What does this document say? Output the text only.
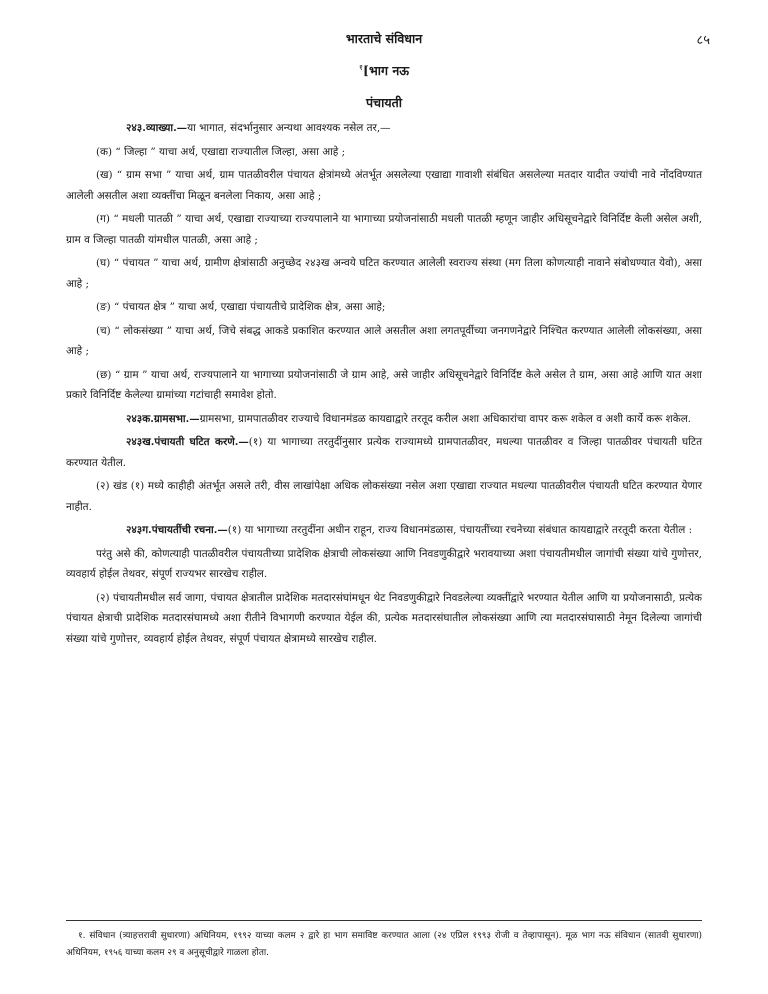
भारताचे संविधान	८५
$^१$[भाग नऊ
पंचायती

२४३.व्याख्या.—या भागात, संदर्भानुसार अन्यथा आवश्यक नसेल तर,—

(क) “ जिल्हा ” याचा अर्थ, एखाद्या राज्यातील जिल्हा, असा आहे ;

(ख) “ ग्राम सभा ” याचा अर्थ, ग्राम पातळीवरील पंचायत क्षेत्रांमध्ये अंतर्भूत असलेल्या एखाद्या गावाशी संबंधित असलेल्या मतदार यादीत ज्यांची नावे नोंदविण्यात आलेली असतील अशा व्यक्तींचा मिळून बनलेला निकाय, असा आहे ;

(ग) “ मधली पातळी ” याचा अर्थ, एखाद्या राज्याच्या राज्यपालाने या भागाच्या प्रयोजनांसाठी मधली पातळी म्हणून जाहीर अधिसूचनेद्वारे विनिर्दिष्ट केली असेल अशी, ग्राम व जिल्हा पातळी यांमधील पातळी, असा आहे ;

(घ) “ पंचायत ” याचा अर्थ, ग्रामीण क्षेत्रांसाठी अनुच्छेद २४३ख अन्वये घटित करण्यात आलेली स्वराज्य संस्था (मग तिला कोणत्याही नावाने संबोधण्यात येवो), असा आहे ;

(ङ) “ पंचायत क्षेत्र ” याचा अर्थ, एखाद्या पंचायतीचे प्रादेशिक क्षेत्र, असा आहे;

(च) “ लोकसंख्या ” याचा अर्थ, जिचे संबद्ध आकडे प्रकाशित करण्यात आले असतील अशा लगतपूर्वीच्या जनगणनेद्वारे निश्चित करण्यात आलेली लोकसंख्या, असा आहे ;

(छ) “ ग्राम ” याचा अर्थ, राज्यपालाने या भागाच्या प्रयोजनांसाठी जे ग्राम आहे, असे जाहीर अधिसूचनेद्वारे विनिर्दिष्ट केले असेल ते ग्राम, असा आहे आणि यात अशा प्रकारे विनिर्दिष्ट केलेल्या ग्रामांच्या गटांचाही समावेश होतो.

२४३क.ग्रामसभा.—ग्रामसभा, ग्रामपातळीवर राज्याचे विधानमंडळ कायद्याद्वारे तरतूद करील अशा अधिकारांचा वापर करू शकेल व अशी कार्ये करू शकेल.

२४३ख.पंचायती घटित करणे.—(१) या भागाच्या तरतुदींनुसार प्रत्येक राज्यामध्ये ग्रामपातळीवर, मधल्या पातळीवर व जिल्हा पातळीवर पंचायती घटित करण्यात येतील.

(२) खंड (१) मध्ये काहीही अंतर्भूत असले तरी, वीस लाखांपेक्षा अधिक लोकसंख्या नसेल अशा एखाद्या राज्यात मधल्या पातळीवरील पंचायती घटित करण्यात येणार नाहीत.

२४३ग.पंचायतींची रचना.—(१) या भागाच्या तरतुदींना अधीन राहून, राज्य विधानमंडळास, पंचायतींच्या रचनेच्या संबंधात कायद्याद्वारे तरतूदी करता येतील :

परंतु असे की, कोणत्याही पातळीवरील पंचायतीच्या प्रादेशिक क्षेत्राची लोकसंख्या आणि निवडणुकीद्वारे भरावयाच्या अशा पंचायतीमधील जागांची संख्या यांचे गुणोत्तर, व्यवहार्य होईल तेथवर, संपूर्ण राज्यभर सारखेच राहील.

(२) पंचायतीमधील सर्व जागा, पंचायत क्षेत्रातील प्रादेशिक मतदारसंघांमधून थेट निवडणुकीद्वारे निवडलेल्या व्यक्तींद्वारे भरण्यात येतील आणि या प्रयोजनासाठी, प्रत्येक पंचायत क्षेत्राची प्रादेशिक मतदारसंघामध्ये अशा रीतीने विभागणी करण्यात येईल की, प्रत्येक मतदारसंघातील लोकसंख्या आणि त्या मतदारसंघासाठी नेमून दिलेल्या जागांची संख्या यांचे गुणोत्तर, व्यवहार्य होईल तेथवर, संपूर्ण पंचायत क्षेत्रामध्ये सारखेच राहील.

१. संविधान (त्र्याहत्तरावी सुधारणा) अधिनियम, १९९२ याच्या कलम २ द्वारे हा भाग समाविष्ट करण्यात आला (२४ एप्रिल १९९३ रोजी व तेव्हापासून). मूळ भाग नऊ संविधान (सातवी सुधारणा) अधिनियम, १९५६ याच्या कलम २९ व अनुसूचीद्वारे गाळला होता.
